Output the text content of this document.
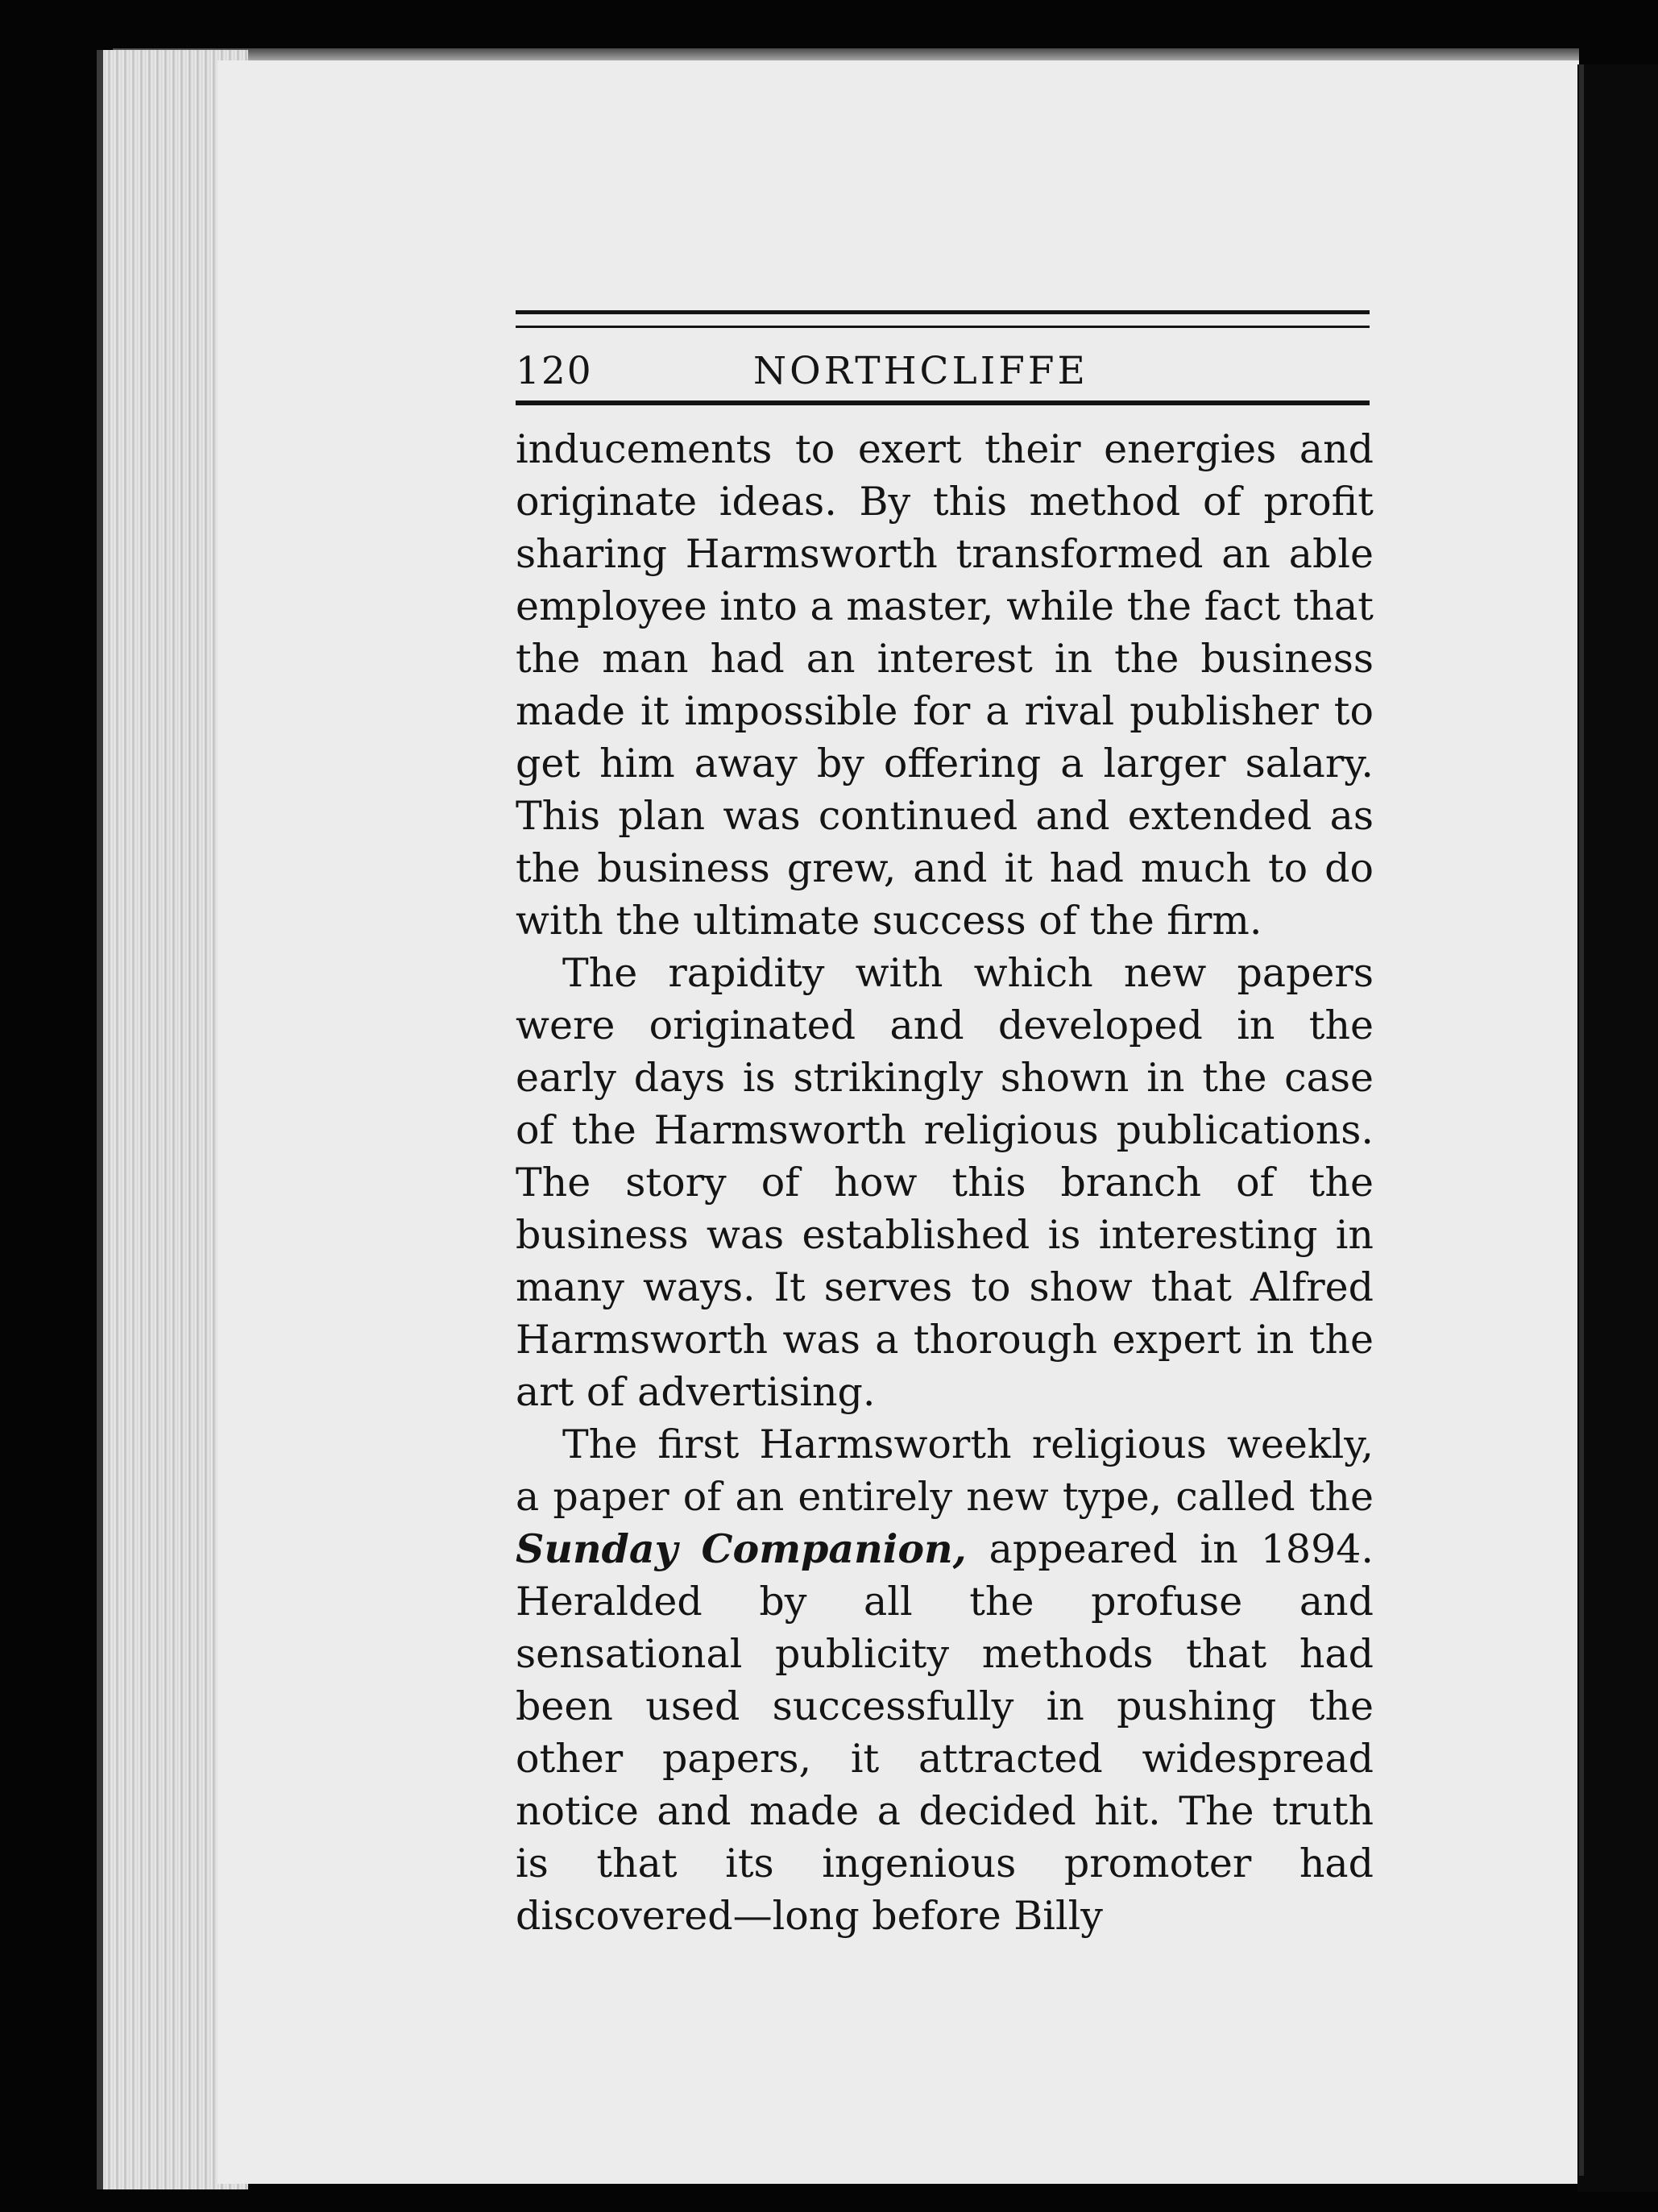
120	NORTHCLIFFE

inducements to exert their energies and originate ideas. By this method of profit sharing Harmsworth transformed an able employee into a master, while the fact that the man had an interest in the business made it impossible for a rival publisher to get him away by offering a larger salary. This plan was continued and extended as the business grew, and it had much to do with the ultimate success of the firm.

The rapidity with which new papers were originated and developed in the early days is strikingly shown in the case of the Harmsworth religious publications. The story of how this branch of the business was established is interesting in many ways. It serves to show that Alfred Harmsworth was a thorough expert in the art of advertising.

The first Harmsworth religious weekly, a paper of an entirely new type, called the Sunday Companion, appeared in 1894. Heralded by all the profuse and sensational publicity methods that had been used successfully in pushing the other papers, it attracted widespread notice and made a decided hit. The truth is that its ingenious promoter had discovered—long before Billy
